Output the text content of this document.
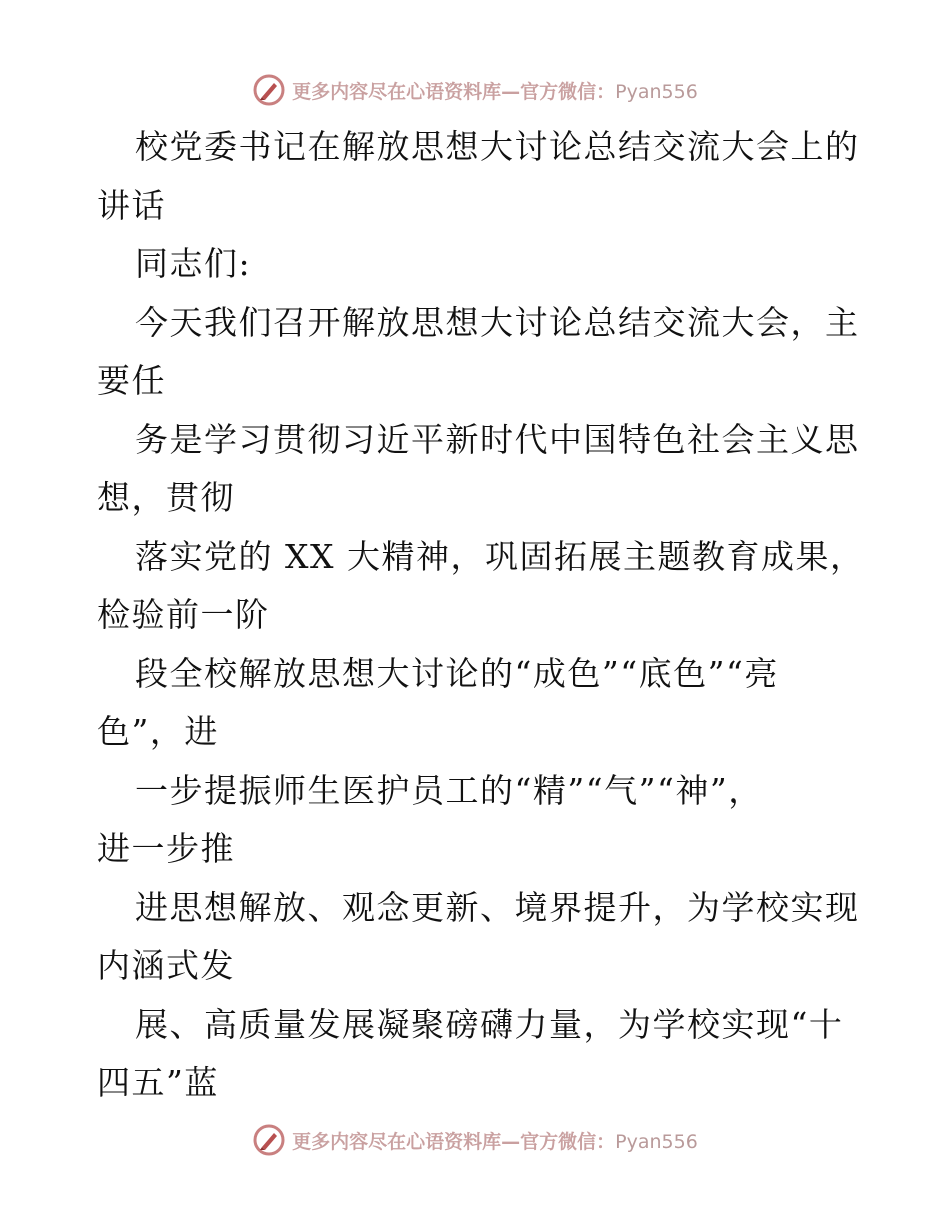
更多内容尽在心语资料库—官方微信：Pyan556
校党委书记在解放思想大讨论总结交流大会上的
讲话
同志们:
今天我们召开解放思想大讨论总结交流大会，主
要任
务是学习贯彻习近平新时代中国特色社会主义思
想，贯彻
落实党的 XX 大精神，巩固拓展主题教育成果，
检验前一阶
段全校解放思想大讨论的“成色”“底色”“亮
色”，进
一步提振师生医护员工的“精”“气”“神”，
进一步推
进思想解放、观念更新、境界提升，为学校实现
内涵式发
展、高质量发展凝聚磅礴力量，为学校实现“十
四五”蓝
更多内容尽在心语资料库—官方微信：Pyan556
